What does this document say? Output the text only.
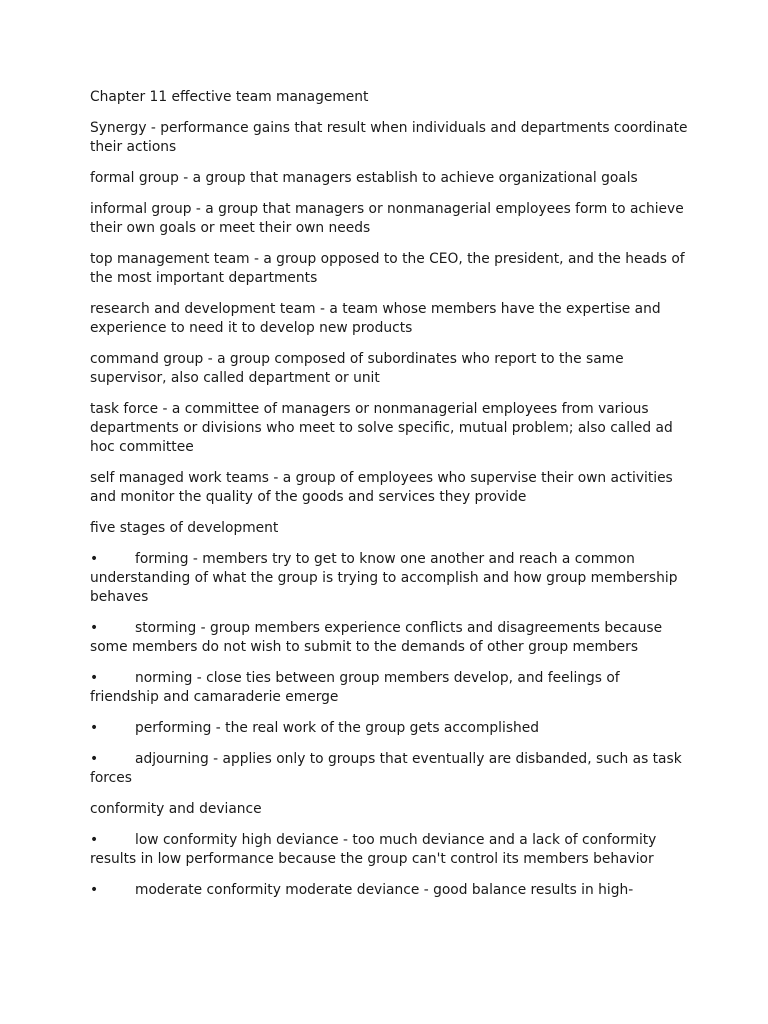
Chapter 11 effective team management

Synergy - performance gains that result when individuals and departments coordinate their actions

formal group - a group that managers establish to achieve organizational goals

informal group - a group that managers or nonmanagerial employees form to achieve their own goals or meet their own needs

top management team - a group opposed to the CEO, the president, and the heads of the most important departments

research and development team - a team whose members have the expertise and experience to need it to develop new products

command group - a group composed of subordinates who report to the same supervisor, also called department or unit

task force - a committee of managers or nonmanagerial employees from various departments or divisions who meet to solve specific, mutual problem; also called ad hoc committee

self managed work teams - a group of employees who supervise their own activities and monitor the quality of the goods and services they provide

five stages of development

•	forming - members try to get to know one another and reach a common understanding of what the group is trying to accomplish and how group membership behaves

•	storming - group members experience conflicts and disagreements because some members do not wish to submit to the demands of other group members

•	norming - close ties between group members develop, and feelings of friendship and camaraderie emerge

•	performing - the real work of the group gets accomplished

•	adjourning - applies only to groups that eventually are disbanded, such as task forces

conformity and deviance

•	low conformity high deviance - too much deviance and a lack of conformity results in low performance because the group can't control its members behavior

•	moderate conformity moderate deviance - good balance results in high-
